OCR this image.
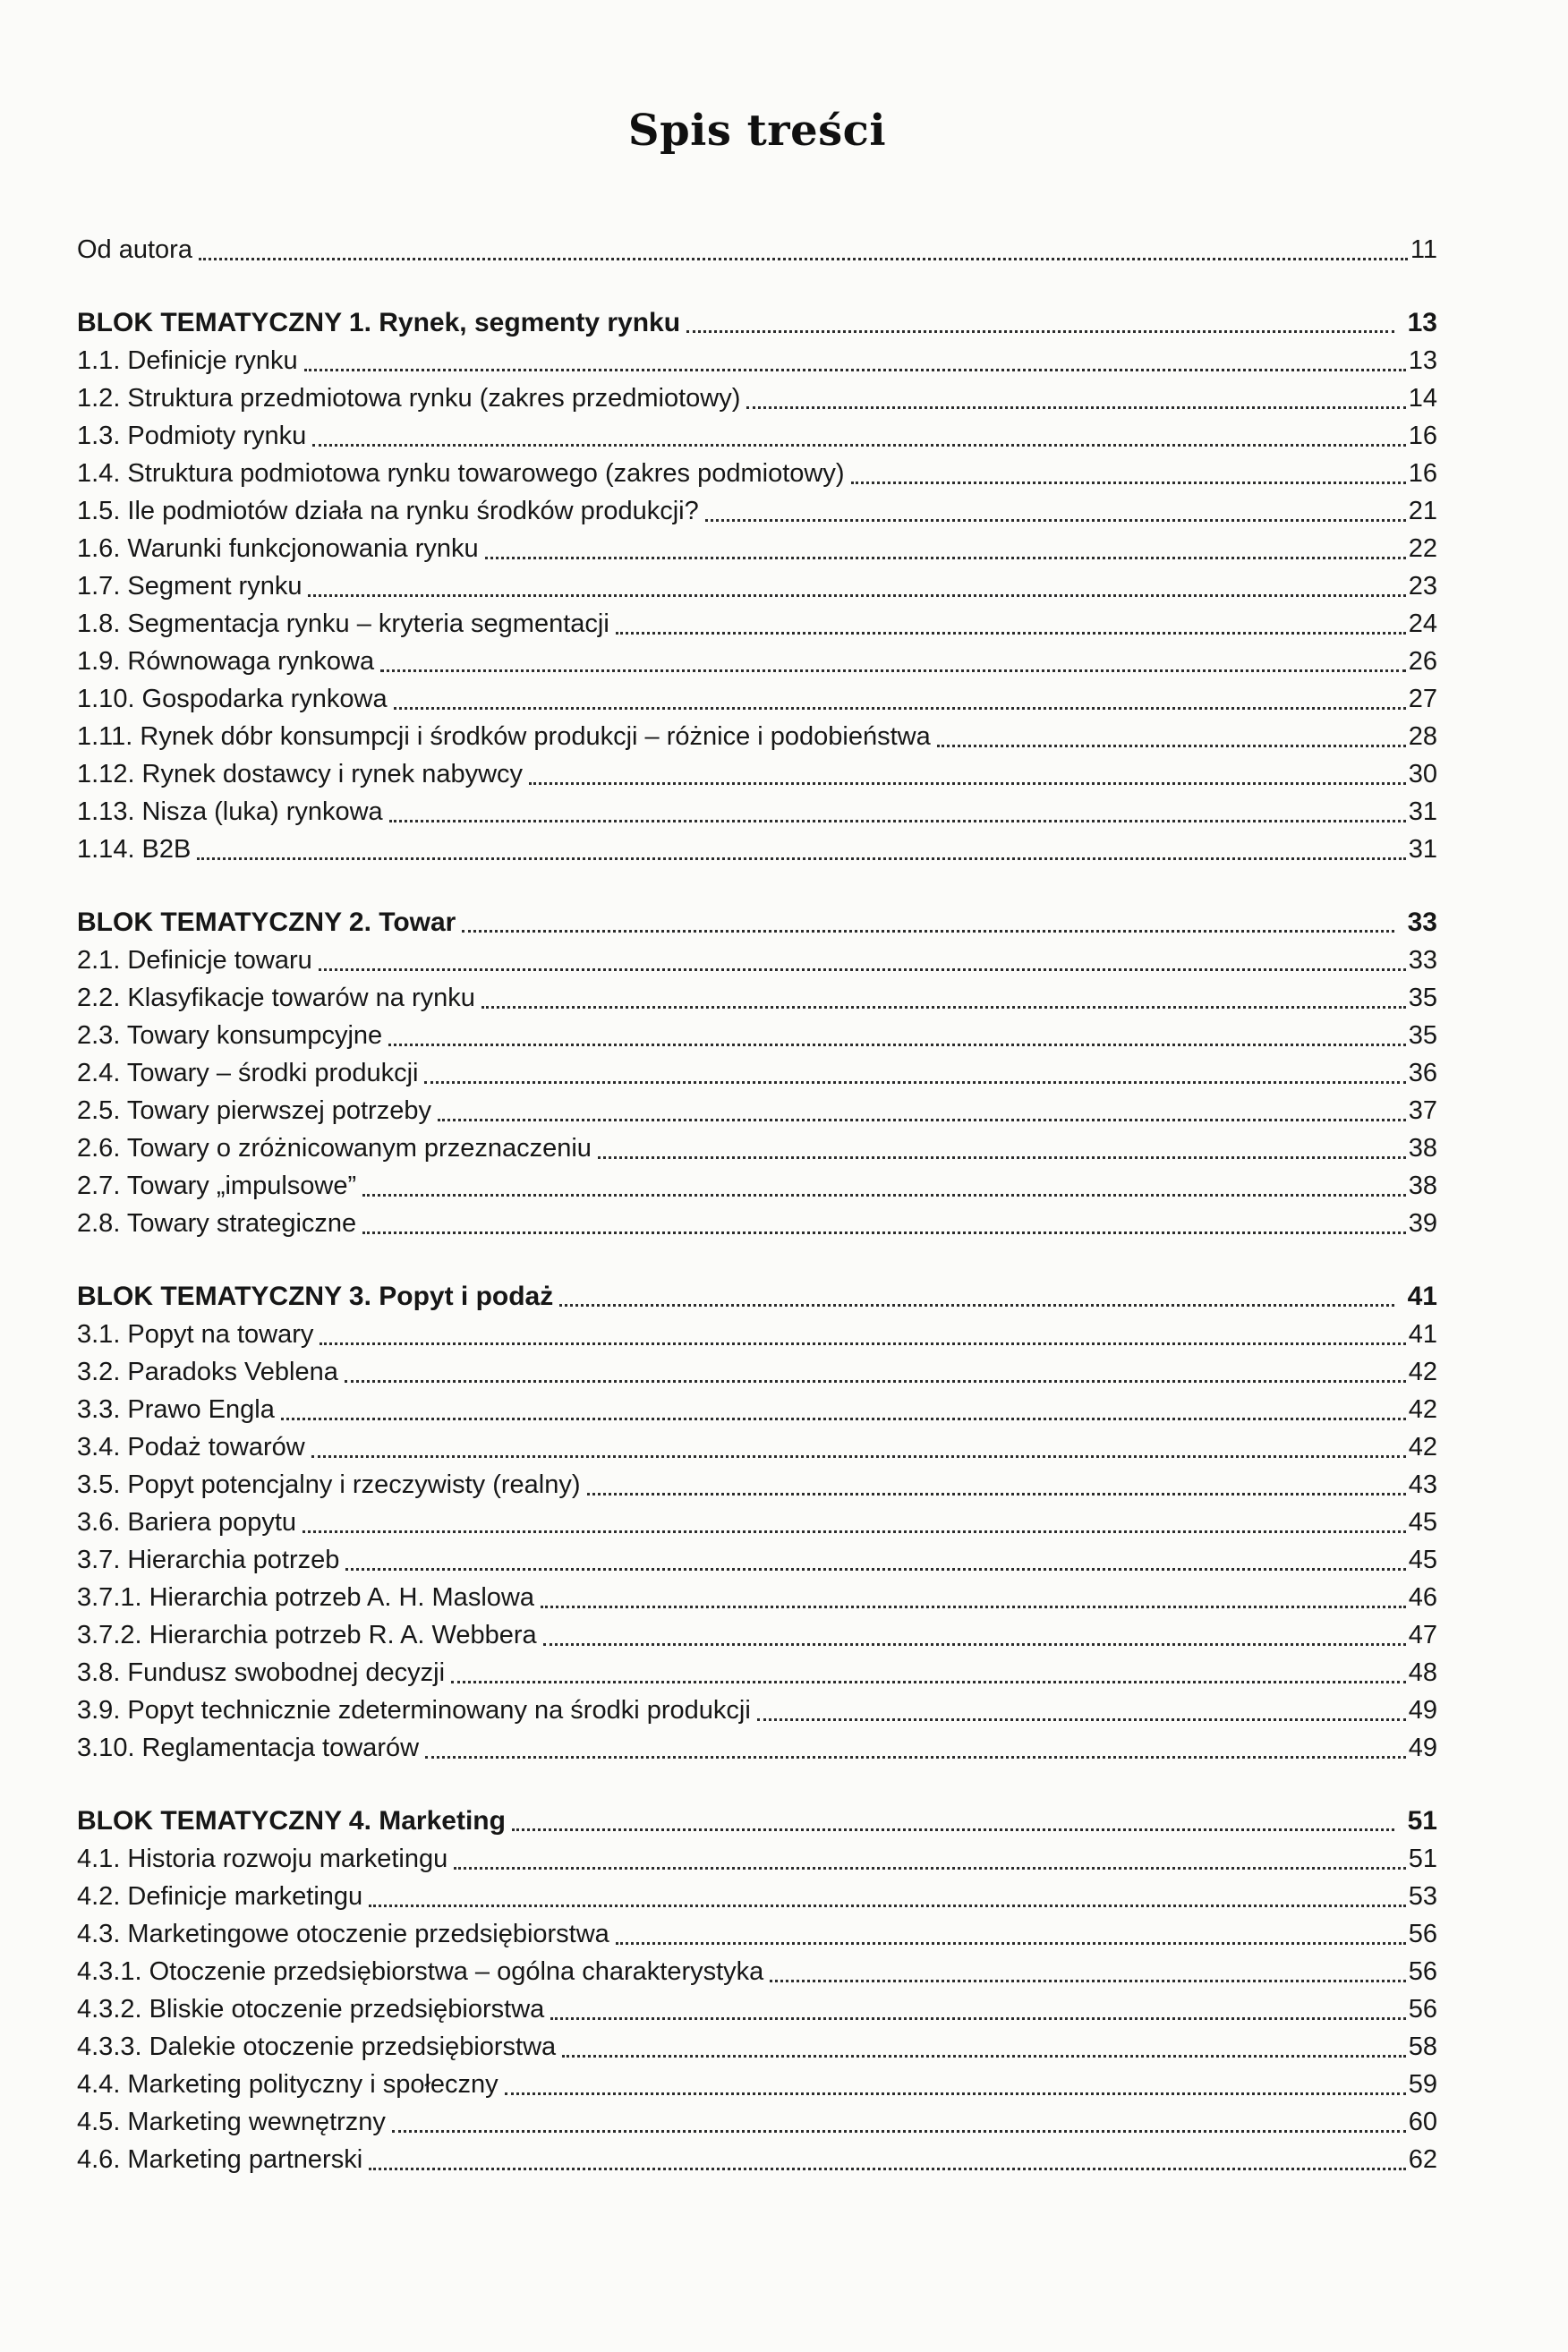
Spis treści
Od autora	11
BLOK TEMATYCZNY 1. Rynek, segmenty rynku	13
1.1. Definicje rynku	13
1.2. Struktura przedmiotowa rynku (zakres przedmiotowy)	14
1.3. Podmioty rynku	16
1.4. Struktura podmiotowa rynku towarowego (zakres podmiotowy)	16
1.5. Ile podmiotów działa na rynku środków produkcji?	21
1.6. Warunki funkcjonowania rynku	22
1.7. Segment rynku	23
1.8. Segmentacja rynku – kryteria segmentacji	24
1.9. Równowaga rynkowa	26
1.10. Gospodarka rynkowa	27
1.11. Rynek dóbr konsumpcji i środków produkcji – różnice i podobieństwa	28
1.12. Rynek dostawcy i rynek nabywcy	30
1.13. Nisza (luka) rynkowa	31
1.14. B2B	31
BLOK TEMATYCZNY 2. Towar	33
2.1. Definicje towaru	33
2.2. Klasyfikacje towarów na rynku	35
2.3. Towary konsumpcyjne	35
2.4. Towary – środki produkcji	36
2.5. Towary pierwszej potrzeby	37
2.6. Towary o zróżnicowanym przeznaczeniu	38
2.7. Towary „impulsowe”	38
2.8. Towary strategiczne	39
BLOK TEMATYCZNY 3. Popyt i podaż	41
3.1. Popyt na towary	41
3.2. Paradoks Veblena	42
3.3. Prawo Engla	42
3.4. Podaż towarów	42
3.5. Popyt potencjalny i rzeczywisty (realny)	43
3.6. Bariera popytu	45
3.7. Hierarchia potrzeb	45
3.7.1. Hierarchia potrzeb A. H. Maslowa	46
3.7.2. Hierarchia potrzeb R. A. Webbera	47
3.8. Fundusz swobodnej decyzji	48
3.9. Popyt technicznie zdeterminowany na środki produkcji	49
3.10. Reglamentacja towarów	49
BLOK TEMATYCZNY 4. Marketing	51
4.1. Historia rozwoju marketingu	51
4.2. Definicje marketingu	53
4.3. Marketingowe otoczenie przedsiębiorstwa	56
4.3.1. Otoczenie przedsiębiorstwa – ogólna charakterystyka	56
4.3.2. Bliskie otoczenie przedsiębiorstwa	56
4.3.3. Dalekie otoczenie przedsiębiorstwa	58
4.4. Marketing polityczny i społeczny	59
4.5. Marketing wewnętrzny	60
4.6. Marketing partnerski	62
